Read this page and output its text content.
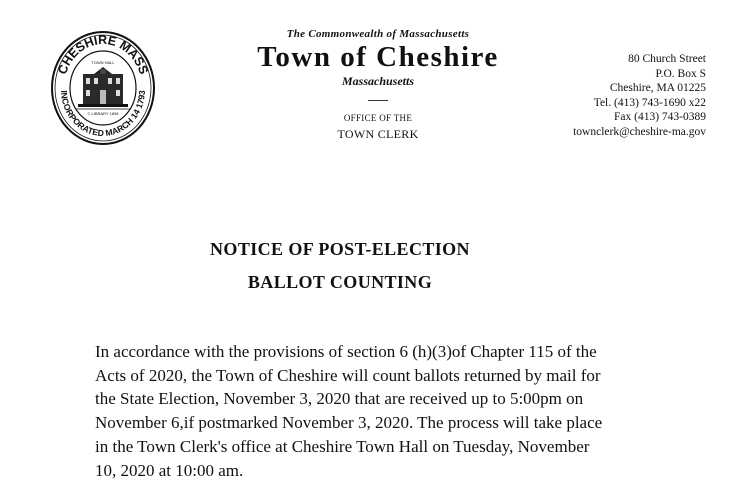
CHESHIRE MASS
INCORPORATED MARCH 14 1793
TOWN HALL
C LIBRARY 1898
The Commonwealth of Massachusetts
Town of Cheshire
Massachusetts
OFFICE OF THE
TOWN CLERK
80 Church Street
P.O. Box S
Cheshire, MA 01225
Tel. (413) 743-1690 x22
Fax (413) 743-0389
townclerk@cheshire-ma.gov
NOTICE OF POST-ELECTION
BALLOT COUNTING
In accordance with the provisions of section 6 (h)(3)of Chapter 115 of the
Acts of 2020, the Town of Cheshire will count ballots returned by mail for
the State Election, November 3, 2020 that are received up to 5:00pm on
November 6,if postmarked November 3, 2020. The process will take place
in the Town Clerk's office at Cheshire Town Hall on Tuesday, November
10, 2020 at 10:00 am.
